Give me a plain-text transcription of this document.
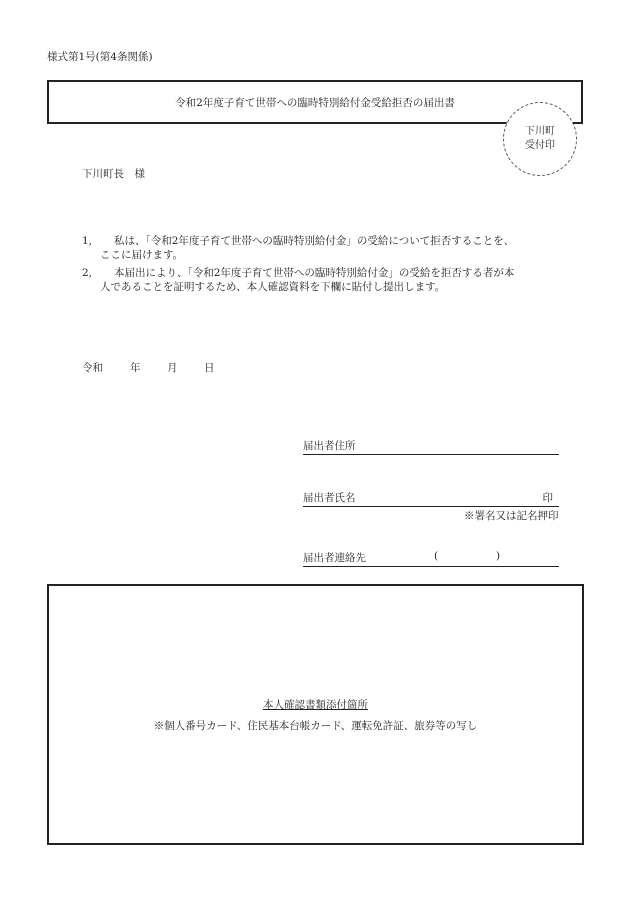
様式第1号(第4条関係)
令和2年度子育て世帯への臨時特別給付金受給拒否の届出書
下川町
受付印
下川町長　様
1,	私は、「令和2年度子育て世帯への臨時特別給付金」の受給について拒否することを、
ここに届けます。
2,	本届出により、「令和2年度子育て世帯への臨時特別給付金」の受給を拒否する者が本
人であることを証明するため、本人確認資料を下欄に貼付し提出します。
令和	年	月	日
届出者住所
届出者氏名	印
※署名又は記名押印
届出者連絡先	(	)
本人確認書類添付箇所
※個人番号カード、住民基本台帳カード、運転免許証、旅券等の写し
